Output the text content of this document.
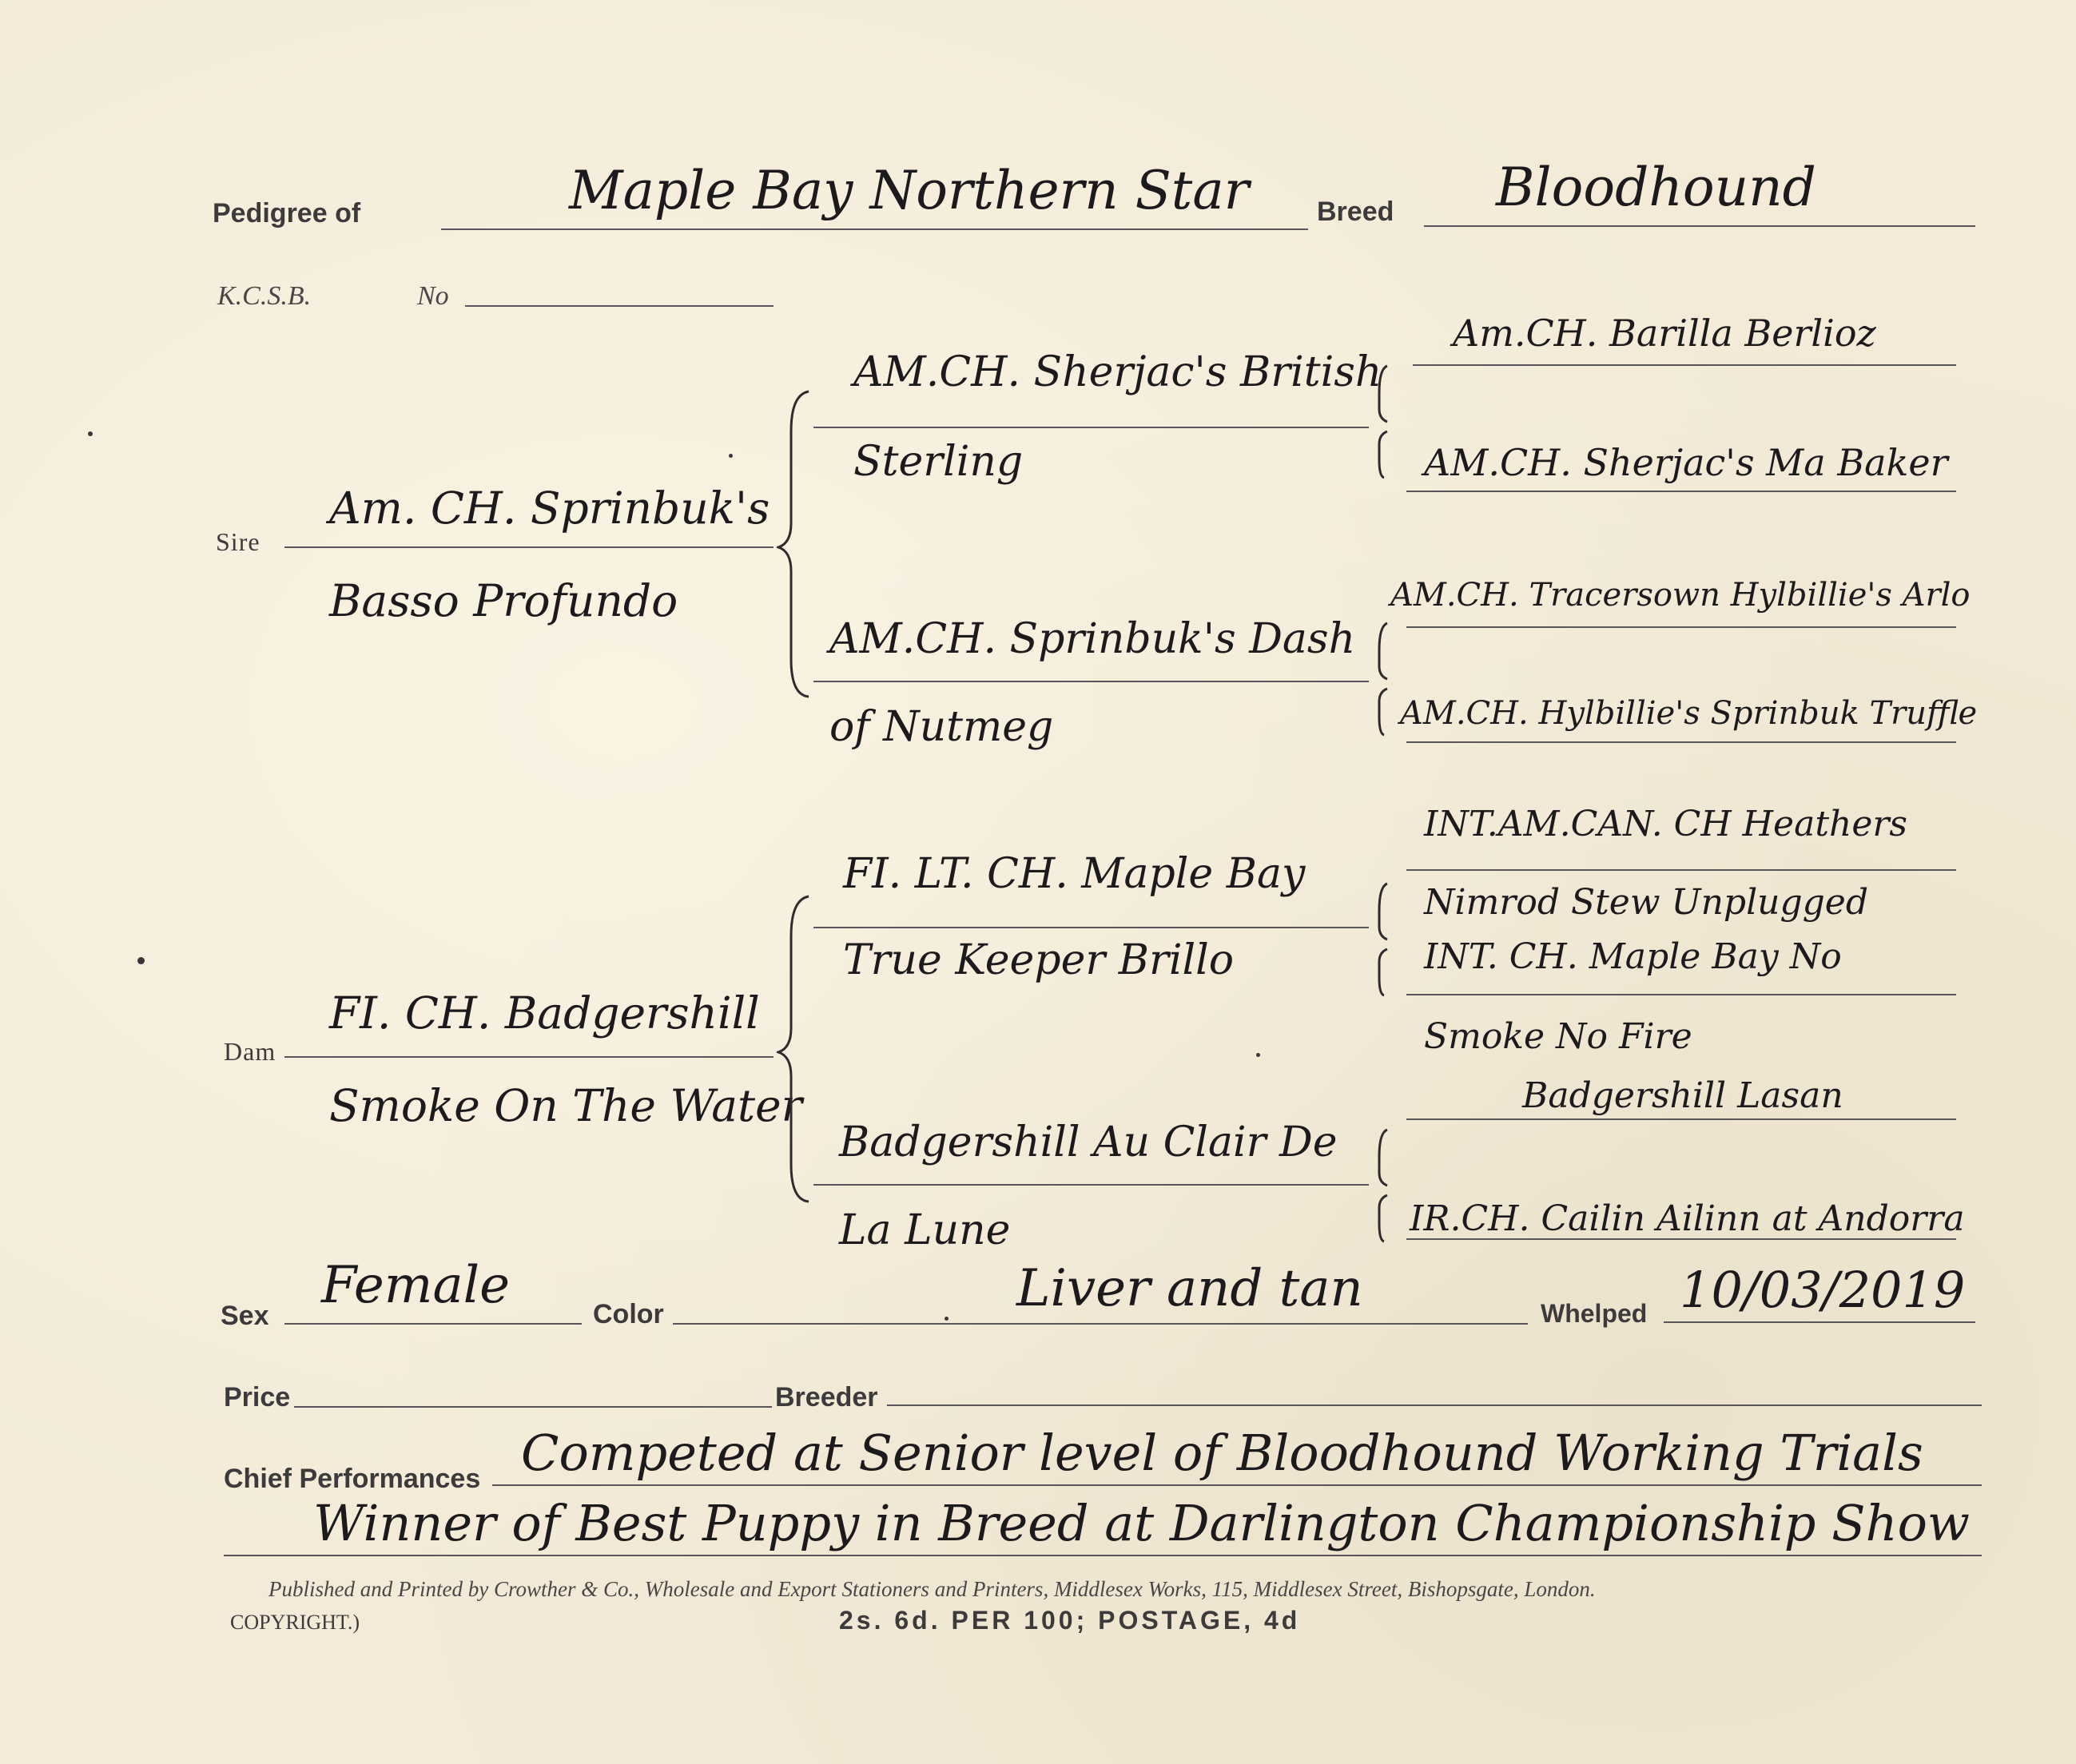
Pedigree of	Maple Bay Northern Star Breed Bloodhound
K.C.S.B.	No
Sire
Am. CH. Sprinbuk's
Basso Profundo
Dam
FI. CH. Badgershill
Smoke On The Water
AM.CH. Sherjac's British
Sterling
AM.CH. Sprinbuk's Dash
of Nutmeg
FI. LT. CH. Maple Bay
True Keeper Brillo
Badgershill Au Clair De
La Lune
Am.CH. Barilla Berlioz
AM.CH. Sherjac's Ma Baker
AM.CH. Tracersown Hylbillie's Arlo
AM.CH. Hylbillie's Sprinbuk Truffle
INT.AM.CAN. CH Heathers
Nimrod Stew Unplugged
INT. CH. Maple Bay No
Smoke No Fire
Badgershill Lasan
IR.CH. Cailin Ailinn at Andorra
Sex
Female	Color	Liver and tan	Whelped 10/03/2019
Price	Breeder
Chief Performances Competed at Senior level of Bloodhound Working Trials
Winner of Best Puppy in Breed at Darlington Championship Show
Published and Printed by Crowther & Co., Wholesale and Export Stationers and Printers, Middlesex Works, 115, Middlesex Street, Bishopsgate, London.
COPYRIGHT.)	2s. 6d. PER 100; POSTAGE, 4d
